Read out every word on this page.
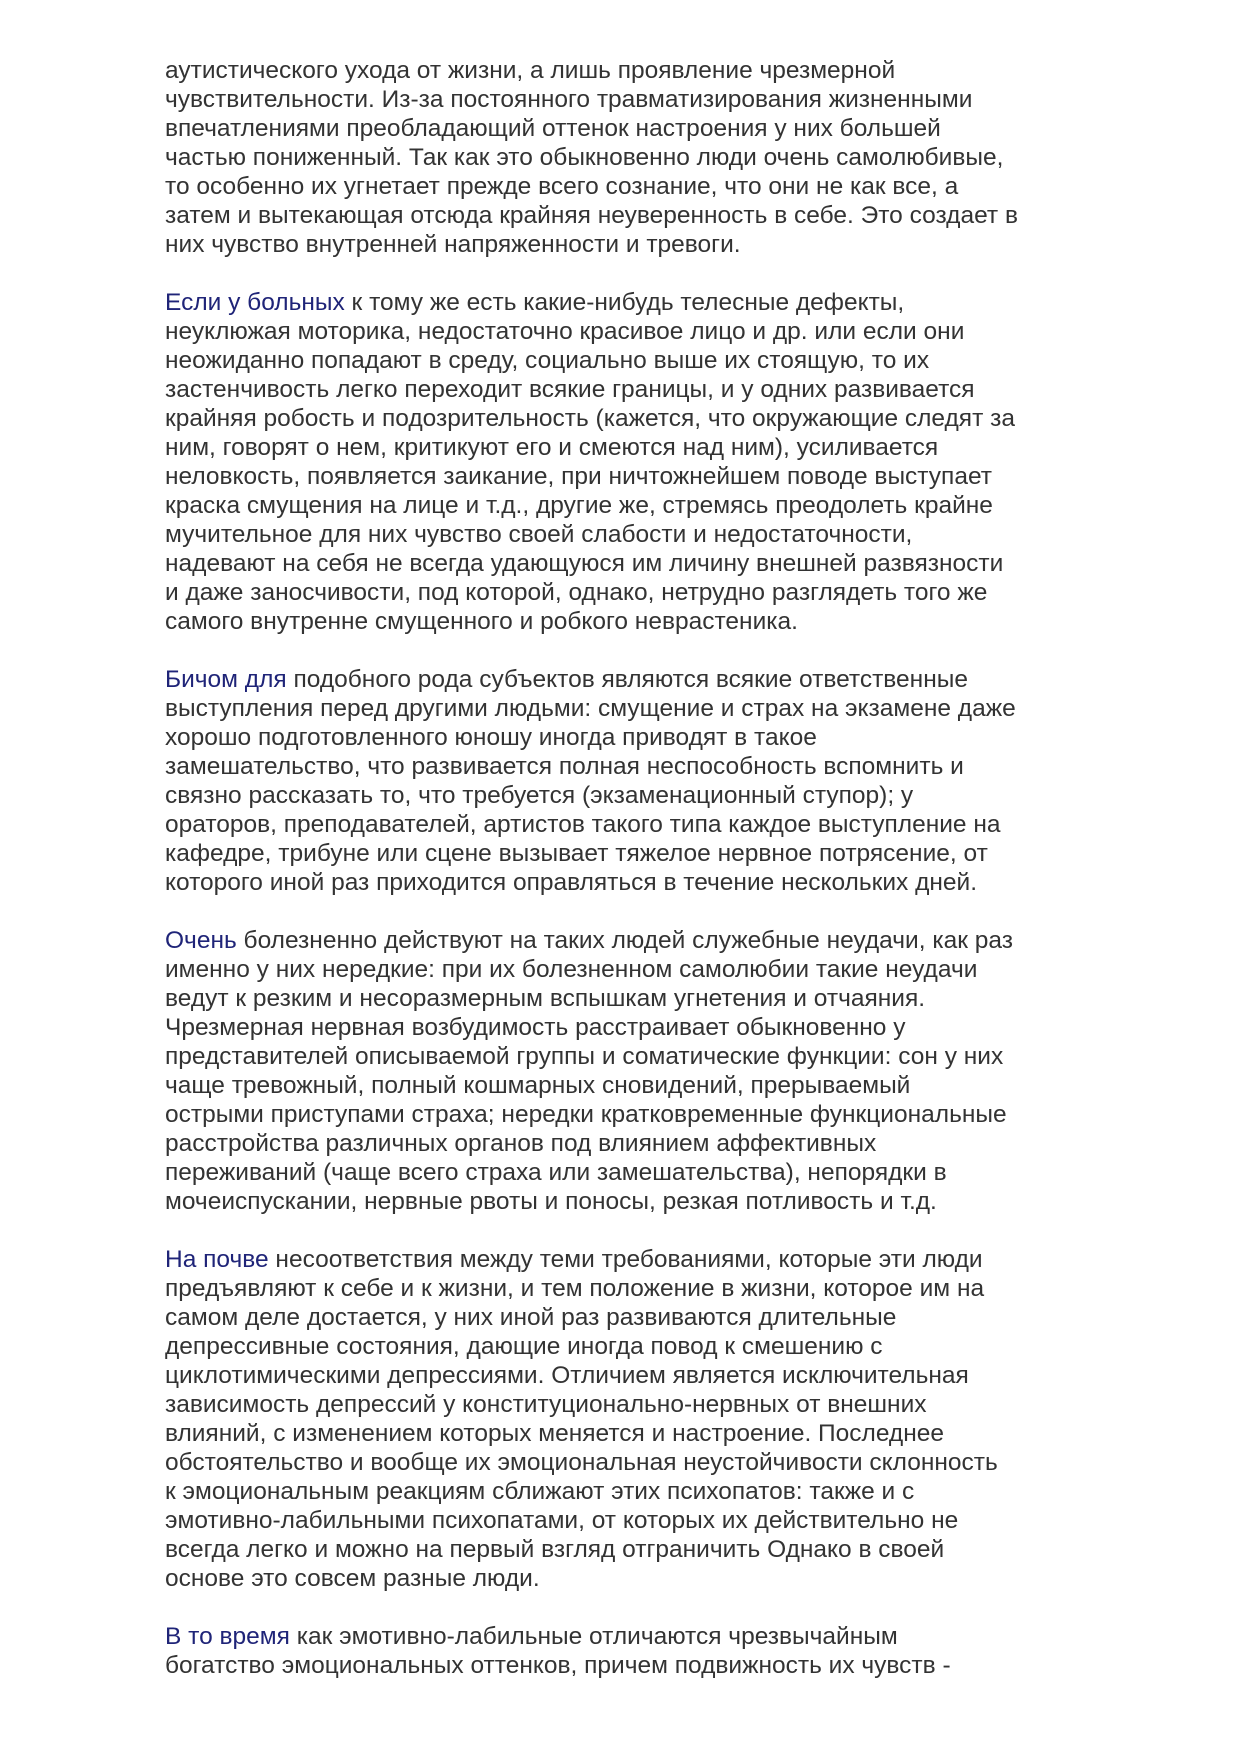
аутистического ухода от жизни, а лишь проявление чрезмерной
чувствительности. Из-за постоянного травматизирования жизненными
впечатлениями преобладающий оттенок настроения у них большей
частью пониженный. Так как это обыкновенно люди очень самолюбивые,
то особенно их угнетает прежде всего сознание, что они не как все, а
затем и вытекающая отсюда крайняя неуверенность в себе. Это создает в
них чувство внутренней напряженности и тревоги.

Если у больных к тому же есть какие-нибудь телесные дефекты,
неуклюжая моторика, недостаточно красивое лицо и др. или если они
неожиданно попадают в среду, социально выше их стоящую, то их
застенчивость легко переходит всякие границы, и у одних развивается
крайняя робость и подозрительность (кажется, что окружающие следят за
ним, говорят о нем, критикуют его и смеются над ним), усиливается
неловкость, появляется заикание, при ничтожнейшем поводе выступает
краска смущения на лице и т.д., другие же, стремясь преодолеть крайне
мучительное для них чувство своей слабости и недостаточности,
надевают на себя не всегда удающуюся им личину внешней развязности
и даже заносчивости, под которой, однако, нетрудно разглядеть того же
самого внутренне смущенного и робкого неврастеника.

Бичом для подобного рода субъектов являются всякие ответственные
выступления перед другими людьми: смущение и страх на экзамене даже
хорошо подготовленного юношу иногда приводят в такое
замешательство, что развивается полная неспособность вспомнить и
связно рассказать то, что требуется (экзаменационный ступор); у
ораторов, преподавателей, артистов такого типа каждое выступление на
кафедре, трибуне или сцене вызывает тяжелое нервное потрясение, от
которого иной раз приходится оправляться в течение нескольких дней.

Очень болезненно действуют на таких людей служебные неудачи, как раз
именно у них нередкие: при их болезненном самолюбии такие неудачи
ведут к резким и несоразмерным вспышкам угнетения и отчаяния.
Чрезмерная нервная возбудимость расстраивает обыкновенно у
представителей описываемой группы и соматические функции: сон у них
чаще тревожный, полный кошмарных сновидений, прерываемый
острыми приступами страха; нередки кратковременные функциональные
расстройства различных органов под влиянием аффективных
переживаний (чаще всего страха или замешательства), непорядки в
мочеиспускании, нервные рвоты и поносы, резкая потливость и т.д.

На почве несоответствия между теми требованиями, которые эти люди
предъявляют к себе и к жизни, и тем положение в жизни, которое им на
самом деле достается, у них иной раз развиваются длительные
депрессивные состояния, дающие иногда повод к смешению с
циклотимическими депрессиями. Отличием является исключительная
зависимость депрессий у конституционально-нервных от внешних
влияний, с изменением которых меняется и настроение. Последнее
обстоятельство и вообще их эмоциональная неустойчивости склонность
к эмоциональным реакциям сближают этих психопатов: также и с
эмотивно-лабильными психопатами, от которых их действительно не
всегда легко и можно на первый взгляд отграничить Однако в своей
основе это совсем разные люди.

В то время как эмотивно-лабильные отличаются чрезвычайным
богатство эмоциональных оттенков, причем подвижность их чувств -
